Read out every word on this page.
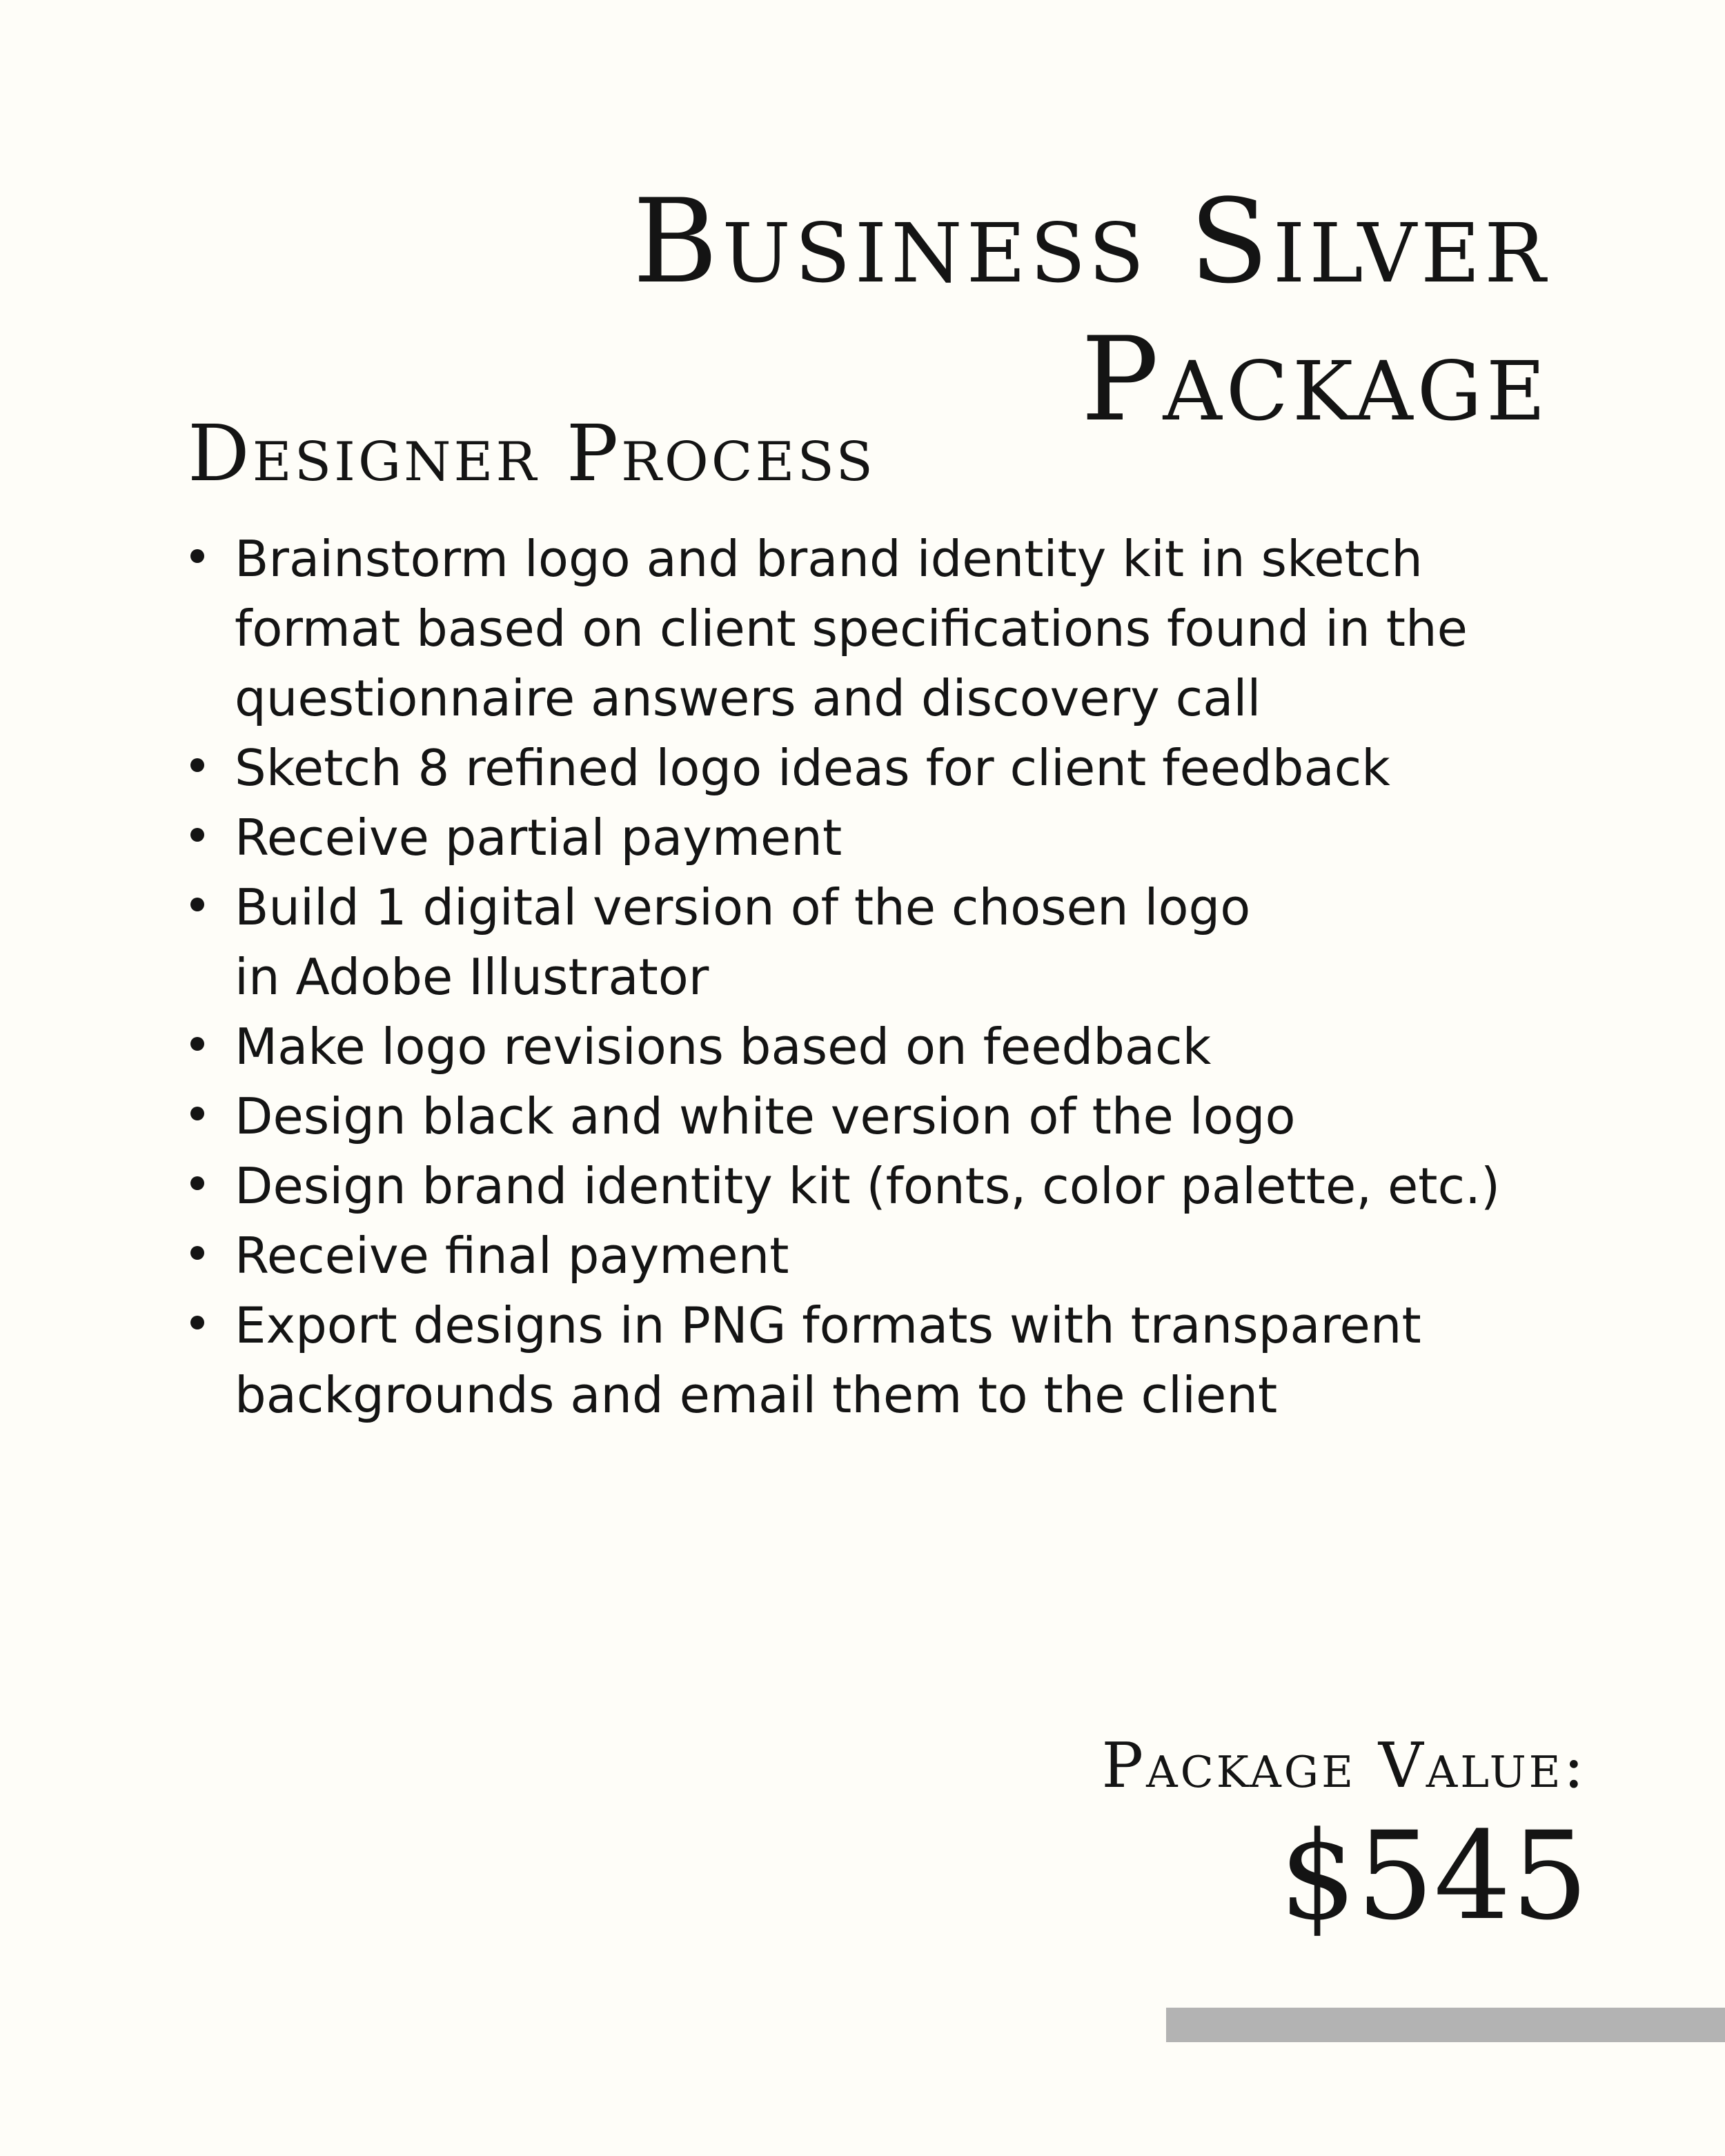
Business Silver
Package
Designer Process
Brainstorm logo and brand identity kit in sketch
format based on client specifications found in the
questionnaire answers and discovery call
Sketch 8 refined logo ideas for client feedback
Receive partial payment
Build 1 digital version of the chosen logo
in Adobe Illustrator
Make logo revisions based on feedback
Design black and white version of the logo
Design brand identity kit (fonts, color palette, etc.)
Receive final payment
Export designs in PNG formats with transparent
backgrounds and email them to the client
Package Value:
$545
